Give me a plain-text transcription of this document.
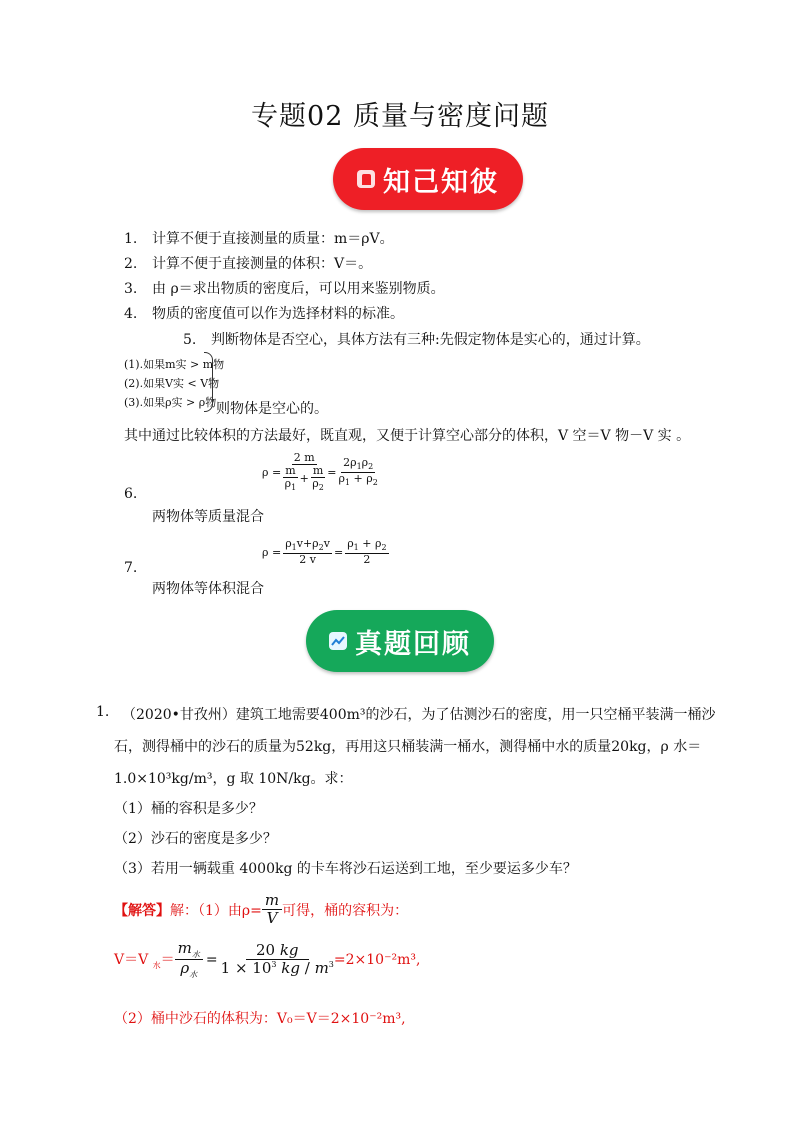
专题02 质量与密度问题
知己知彼
1. 计算不便于直接测量的质量：m＝ρV。
2. 计算不便于直接测量的体积：V＝。
3. 由 ρ＝求出物质的密度后，可以用来鉴别物质。
4. 物质的密度值可以作为选择材料的标准。
5. 判断物体是否空心，具体方法有三种:先假定物体是实心的，通过计算。
(1).如果m实 > m物
(2).如果V实 < V物
(3).如果ρ实 > ρ物 则物体是空心的。
其中通过比较体积的方法最好，既直观，又便于计算空心部分的体积，V 空＝V 物－V 实 。
$\rho = \frac{2 m}{\frac{m}{\rho_1} + \frac{m}{\rho_2}} = \frac{2\rho_1\rho_2}{\rho_1 + \rho_2}$
6.
两物体等质量混合
$\rho = \frac{\rho_1v+\rho_2v}{2 v} = \frac{\rho_1 + \rho_2}{2}$
7.
两物体等体积混合
真题回顾
1. （2020•甘孜州）建筑工地需要400m³的沙石，为了估测沙石的密度，用一只空桶平装满一桶沙
石，测得桶中的沙石的质量为52kg，再用这只桶装满一桶水，测得桶中水的质量20kg，ρ 水＝
1.0×10³kg/m³，g 取 10N/kg。求：
（1）桶的容积是多少？
（2）沙石的密度是多少？
（3）若用一辆载重 4000kg 的卡车将沙石运送到工地，至少要运多少车？
【解答】 解：（1）由$\rho= \frac{m}{V}$ 可得，桶的容积为：
V＝V $_水$＝
$m_水$
$\rho_水$
= $\frac{20 kg}{1 \times 10^3 kg / m^3} =2\times 10^{-2}m^3$,
（2）桶中沙石的体积为：V₀＝V＝2×10⁻²m³,
